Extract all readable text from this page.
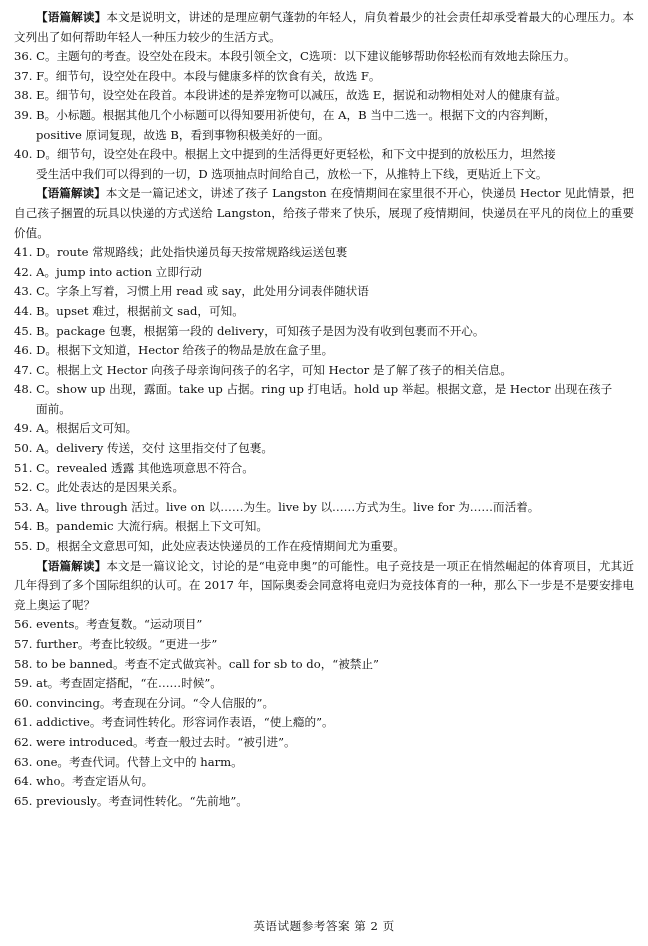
【语篇解读】本文是说明文，讲述的是理应朝气蓬勃的年轻人，肩负着最少的社会责任却承受着最大的心理压力。本文列出了如何帮助年轻人一种压力较少的生活方式。

36. C。主题句的考查。设空处在段末。本段引领全文，C选项：以下建议能够帮助你轻松而有效地去除压力。

37. F。细节句，设空处在段中。本段与健康多样的饮食有关，故选 F。

38. E。细节句，设空处在段首。本段讲述的是养宠物可以减压，故选 E，据说和动物相处对人的健康有益。

39. B。小标题。根据其他几个小标题可以得知要用祈使句，在 A，B 当中二选一。根据下文的内容判断，

positive 原词复现，故选 B，看到事物积极美好的一面。

40. D。细节句，设空处在段中。根据上文中提到的生活得更好更轻松，和下文中提到的放松压力，坦然接

受生活中我们可以得到的一切，D 选项抽点时间给自己，放松一下，从推特上下线，更贴近上下文。

【语篇解读】本文是一篇记述文，讲述了孩子 Langston 在疫情期间在家里很不开心，快递员 Hector 见此情景，把自己孩子捆置的玩具以快递的方式送给 Langston，给孩子带来了快乐，展现了疫情期间，快递员在平凡的岗位上的重要价值。

41. D。route 常规路线；此处指快递员每天按常规路线运送包裹

42. A。jump into action 立即行动

43. C。字条上写着，习惯上用 read 或 say，此处用分词表伴随状语

44. B。upset 难过，根据前文 sad，可知。

45. B。package 包裹，根据第一段的 delivery，可知孩子是因为没有收到包裹而不开心。

46. D。根据下文知道，Hector 给孩子的物品是放在盒子里。

47. C。根据上文 Hector 向孩子母亲询问孩子的名字，可知 Hector 是了解了孩子的相关信息。

48. C。show up 出现，露面。take up 占据。ring up 打电话。hold up 举起。根据文意，是 Hector 出现在孩子

面前。

49. A。根据后文可知。

50. A。delivery 传送，交付 这里指交付了包裹。

51. C。revealed 透露 其他选项意思不符合。

52. C。此处表达的是因果关系。

53. A。live through 活过。live on 以……为生。live by 以……方式为生。live for 为……而活着。

54. B。pandemic 大流行病。根据上下文可知。

55. D。根据全文意思可知，此处应表达快递员的工作在疫情期间尤为重要。

【语篇解读】本文是一篇议论文，讨论的是“电竞申奥”的可能性。电子竞技是一项正在悄然崛起的体育项目，尤其近几年得到了多个国际组织的认可。在 2017 年，国际奥委会同意将电竞归为竞技体育的一种，那么下一步是不是要安排电竞上奥运了呢？

56. events。考查复数。“运动项目”

57. further。考查比较级。“更进一步”

58. to be banned。考查不定式做宾补。call for sb to do，“被禁止”

59. at。考查固定搭配，“在……时候”。

60. convincing。考查现在分词。“令人信服的”。

61. addictive。考查词性转化。形容词作表语，“使上瘾的”。

62. were introduced。考查一般过去时。“被引进”。

63. one。考查代词。代替上文中的 harm。

64. who。考查定语从句。

65. previously。考查词性转化。“先前地”。

英语试题参考答案 第 2 页
